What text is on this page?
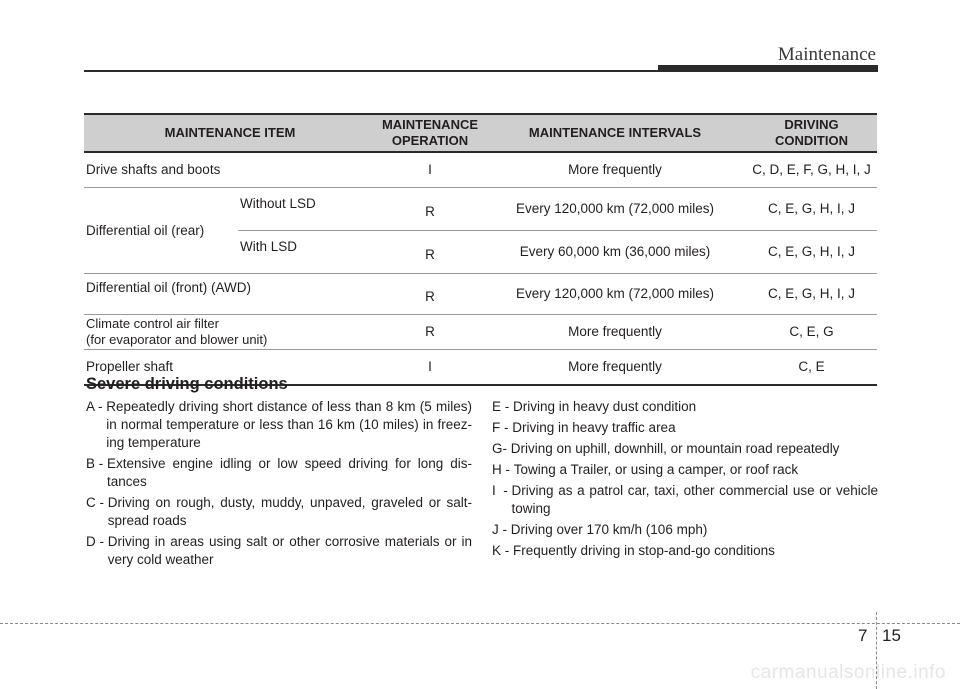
Maintenance
MAINTENANCE ITEM		MAINTENANCE
OPERATION	MAINTENANCE INTERVALS	DRIVING
CONDITION
Drive shafts and boots		I	More frequently	C, D, E, F, G, H, I, J
Differential oil (rear)	Without LSD	R	Every 120,000 km (72,000 miles)	C, E, G, H, I, J
	With LSD	R	Every 60,000 km (36,000 miles)	C, E, G, H, I, J
Differential oil (front) (AWD)		R	Every 120,000 km (72,000 miles)	C, E, G, H, I, J
Climate control air filter
(for evaporator and blower unit)		R	More frequently	C, E, G
Propeller shaft		I	More frequently	C, E
Severe driving conditions
A - Repeatedly driving short distance of less than 8 km (5 miles) in normal temperature or less than 16 km (10 miles) in freez-ing temperature
B - Extensive engine idling or low speed driving for long dis-tances
C - Driving on rough, dusty, muddy, unpaved, graveled or salt-spread roads
D - Driving in areas using salt or other corrosive materials or in very cold weather
E - Driving in heavy dust condition
F - Driving in heavy traffic area
G- Driving on uphill, downhill, or mountain road repeatedly
H - Towing a Trailer, or using a camper, or roof rack
I  - Driving as a patrol car, taxi, other commercial use or vehicle towing
J - Driving over 170 km/h (106 mph)
K - Frequently driving in stop-and-go conditions
7 15
carmanualsonline.info
